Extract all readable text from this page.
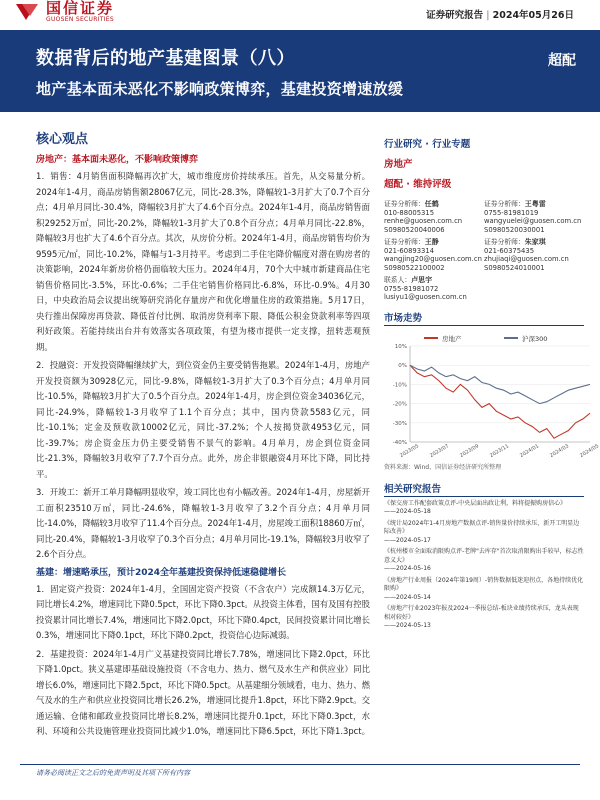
国信证券
GUOSEN SECURITIES	证券研究报告 | 2024年05月26日
数据背后的地产基建图景（八）
地产基本面未恶化不影响政策博弈，基建投资增速放缓
超配
核心观点
房地产：基本面未恶化，不影响政策博弈
1．销售：4月销售面积降幅再次扩大，城市维度房价持续承压。首先，从交易量分析。2024年1-4月，商品房销售额28067亿元，同比-28.3%，降幅较1-3月扩大了0.7个百分点；4月单月同比-30.4%，降幅较3月扩大了4.6个百分点。2024年1-4月，商品房销售面积29252万㎡，同比-20.2%，降幅较1-3月扩大了0.8个百分点；4月单月同比-22.8%，降幅较3月也扩大了4.6个百分点。其次，从房价分析。2024年1-4月，商品房销售均价为9595元/㎡，同比-10.2%，降幅与1-3月持平。考虑到二手住宅降价幅度对潜在购房者的决策影响，2024年新房价格仍面临较大压力。2024年4月，70个大中城市新建商品住宅销售价格同比-3.5%，环比-0.6%；二手住宅销售价格同比-6.8%，环比-0.9%。4月30日，中央政治局会议提出统筹研究消化存量房产和优化增量住房的政策措施。5月17日，央行推出保障房再贷款、降低首付比例、取消房贷利率下限、降低公积金贷款利率等四项利好政策。若能持续出台并有效落实各项政策，有望为楼市提供一定支撑，扭转悲观预期。
2．投融资：开发投资降幅继续扩大，到位资金仍主要受销售拖累。2024年1-4月，房地产开发投资额为30928亿元，同比-9.8%，降幅较1-3月扩大了0.3个百分点；4月单月同比-10.5%，降幅较3月扩大了0.5个百分点。2024年1-4月，房企到位资金34036亿元，同比-24.9%，降幅较1-3月收窄了1.1个百分点；其中，国内贷款5583亿元，同比-10.1%；定金及预收款10002亿元，同比-37.2%；个人按揭贷款4953亿元，同比-39.7%；房企资金压力仍主要受销售不景气的影响。4月单月，房企到位资金同比-21.3%，降幅较3月收窄了7.7个百分点。此外，房企非银融资4月环比下降，同比持平。
3．开竣工：新开工单月降幅明显收窄，竣工同比也有小幅改善。2024年1-4月，房屋新开工面积23510万㎡，同比-24.6%，降幅较1-3月收窄了3.2个百分点；4月单月同比-14.0%，降幅较3月收窄了11.4个百分点。2024年1-4月，房屋竣工面积18860万㎡，同比-20.4%，降幅较1-3月收窄了0.3个百分点；4月单月同比-19.1%，降幅较3月收窄了2.6个百分点。
基建：增速略承压，预计2024全年基建投资保持低速稳健增长
1．固定资产投资：2024年1-4月，全国固定资产投资（不含农户）完成额14.3万亿元，同比增长4.2%，增速同比下降0.5pct，环比下降0.3pct。从投资主体看，国有及国有控股投资累计同比增长7.4%，增速同比下降2.0pct，环比下降0.4pct，民间投资累计同比增长0.3%，增速同比下降0.1pct，环比下降0.2pct，投资信心边际减弱。
2．基建投资：2024年1-4月广义基建投资同比增长7.78%，增速同比下降2.0pct，环比下降1.0pct。狭义基建即基础设施投资（不含电力、热力、燃气及水生产和供应业）同比增长6.0%，增速同比下降2.5pct，环比下降0.5pct。从基建细分领域看，电力、热力、燃气及水的生产和供应业投资同比增长26.2%，增速同比提升1.8pct，环比下降2.9pct。交通运输、仓储和邮政业投资同比增长8.2%，增速同比提升0.1pct，环比下降0.3pct，水利、环境和公共设施管理业投资同比减少1.0%，增速同比下降6.5pct，环比下降1.3pct。
行业研究 · 行业专题
房地产
超配 · 维持评级
证券分析师：任鹤
010-88005315
renhe@guosen.com.cn
S0980520040006
证券分析师：王粤雷
0755-81981019
wangyuelei@guosen.com.cn
S0980520030001
证券分析师：王静
021-60893314
wangjing20@guosen.com.cn
S0980522100002
证券分析师：朱家琪
021-60375435
zhujiaqi@guosen.com.cn
S0980524010001
联系人：卢思宇
0755-81981072
lusiyu1@guosen.com.cn
市场走势
房地产	沪深300
10%
0%
-10%
-20%
-30%
-40%
2023/05 2023/07 2023/09 2023/11 2024/01 2024/03 2024/05
资料来源：Wind、国信证券经济研究所整理
相关研究报告
《保交房工作配套政策点评-中央层面出政让利，料将提振购房信心》
——2024-05-18
《统计局2024年1-4月房地产数据点评-销售量价持续承压，新开工明显边际改善》
——2024-05-17
《杭州楼市全面取消限购点评-老牌"去库存"首次取消限购出手较早，标志性意义大》
——2024-05-16
《房地产行业周报（2024年第19周）-销售数据低迷迎拐点，各地持续优化限购》
——2024-05-14
《房地产行业2023年报及2024一季报总结-板块业绩持续承压，龙头表现相对较好》
——2024-05-13
请务必阅读正文之后的免责声明及其项下所有内容
